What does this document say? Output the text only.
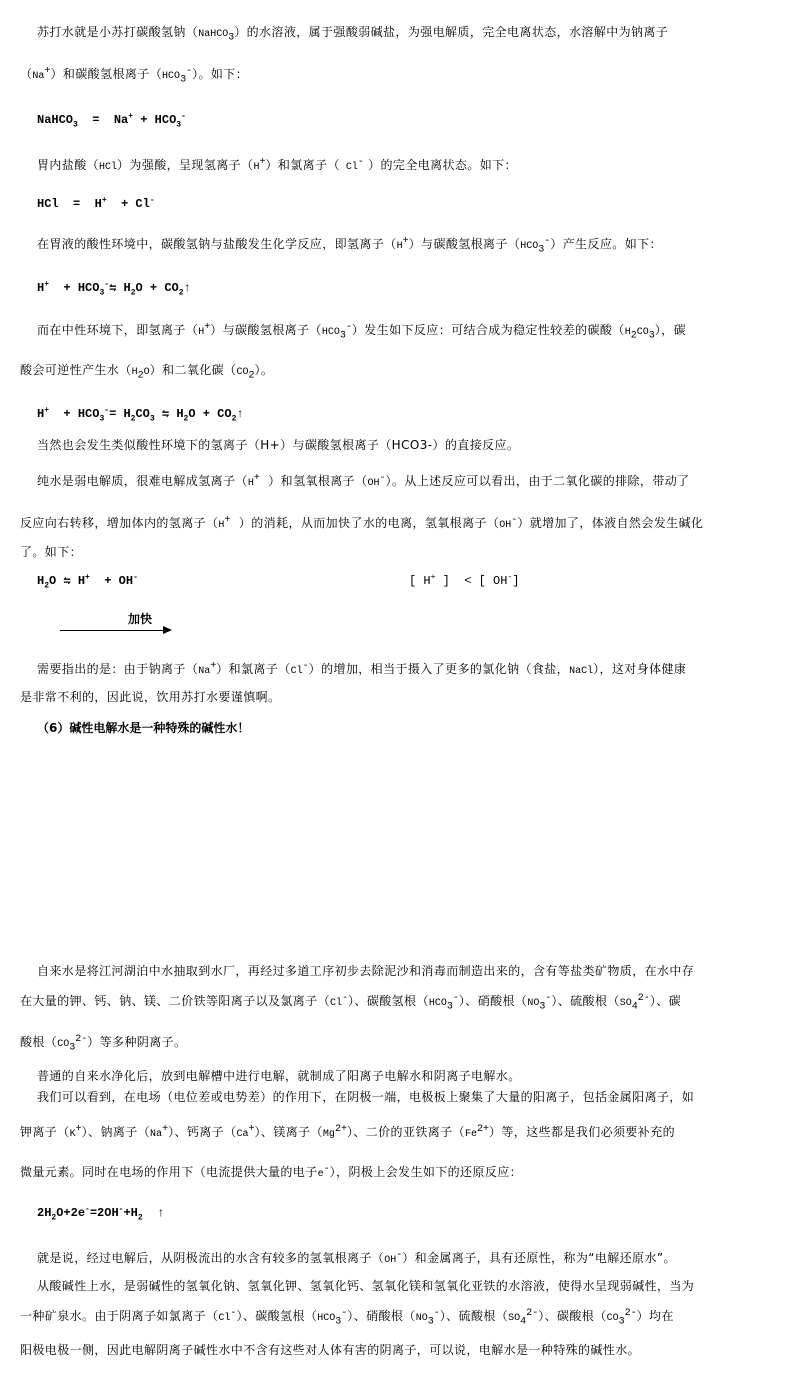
苏打水就是小苏打碳酸氢钠（NaHCO$_3$）的水溶液，属于强酸弱碱盐，为强电解质，完全电离状态，水溶解中为钠离子
（Na+）和碳酸氢根离子$(HCO_3^-)$。如下：
NaHCO$_3$  =  $Na^+ + HCO_3^-$
胃内盐酸（HCl）为强酸，呈现氢离子（H+）和氯离子（ Cl- ）的完全电离状态。如下：
HCl  =  H+  + Cl-
在胃液的酸性环境中，碳酸氢钠与盐酸发生化学反应，即氢离子（H+）与碳酸氢根离子$(HCO_3^-)$产生反应。如下：
$H^+ + HCO_3^-⇋$ $H_2O$ + $CO_2↑$
而在中性环境下，即氢离子（H+）与碳酸氢根离子$(HCO_3^-)$发生如下反应：可结合成为稳定性较差的碳酸$(H_2CO_3)$，碳
酸会可逆性产生水$(H_2O)$和二氧化碳$(CO_2)$。
$H^+ + HCO_3^-= H_2CO_3$ ⇋ $H_2O$ + $CO_2↑$
当然也会发生类似酸性环境下的氢离子（H+）与碳酸氢根离子（HCO3-）的直接反应。
纯水是弱电解质，很难电解成氢离子（H+  ）和氢氧根离子（OH-）。从上述反应可以看出，由于二氧化碳的排除，带动了
反应向右转移，增加体内的氢离子（H+  ）的消耗，从而加快了水的电离，氢氧根离子（OH-）就增加了，体液自然会发生碱化
了。如下：
$H_2O$ ⇋ H+  + OH-	[ H+ ]  < [ OH-]
加快
需要指出的是：由于钠离子（Na+）和氯离子（Cl-）的增加，相当于摄入了更多的氯化钠（食盐，NaCl），这对身体健康
是非常不利的，因此说，饮用苏打水要谨慎啊。
（6）碱性电解水是一种特殊的碱性水！
自来水是将江河湖泊中水抽取到水厂，再经过多道工序初步去除泥沙和消毒而制造出来的，含有等盐类矿物质，在水中存
在大量的钾、钙、钠、镁、二价铁等阳离子以及氯离子（Cl-）、碳酸氢根$(HCO_3^-)$、硝酸根$(NO_3^-)$、硫酸根$(SO_4^{2-})$、碳
酸根$(CO_3^{2-})$等多种阴离子。
普通的自来水净化后，放到电解槽中进行电解，就制成了阳离子电解水和阴离子电解水。
我们可以看到，在电场（电位差或电势差）的作用下，在阴极一端，电极板上聚集了大量的阳离子，包括金属阳离子，如
钾离子（K+）、钠离子（Na+）、钙离子（Ca+）、镁离子$(Mg^{2+})$、二价的亚铁离子$(Fe^{2+})$等，这些都是我们必须要补充的
微量元素。同时在电场的作用下（电流提供大量的电子e-），阴极上会发生如下的还原反应：
$2H_2O+2e^-=2OH^-+H_2$  ↑
就是说，经过电解后，从阴极流出的水含有较多的氢氧根离子（OH-）和金属离子，具有还原性，称为“电解还原水”。
从酸碱性上水，是弱碱性的氢氧化钠、氢氧化钾、氢氧化钙、氢氧化镁和氢氧化亚铁的水溶液，使得水呈现弱碱性，当为
一种矿泉水。由于阴离子如氯离子（Cl-）、碳酸氢根$(HCO_3^-)$、硝酸根$(NO_3^-)$、硫酸根$(SO_4^{2-})$、碳酸根$(CO_3^{2-})$均在
阳极电极一侧，因此电解阴离子碱性水中不含有这些对人体有害的阴离子，可以说，电解水是一种特殊的碱性水。
